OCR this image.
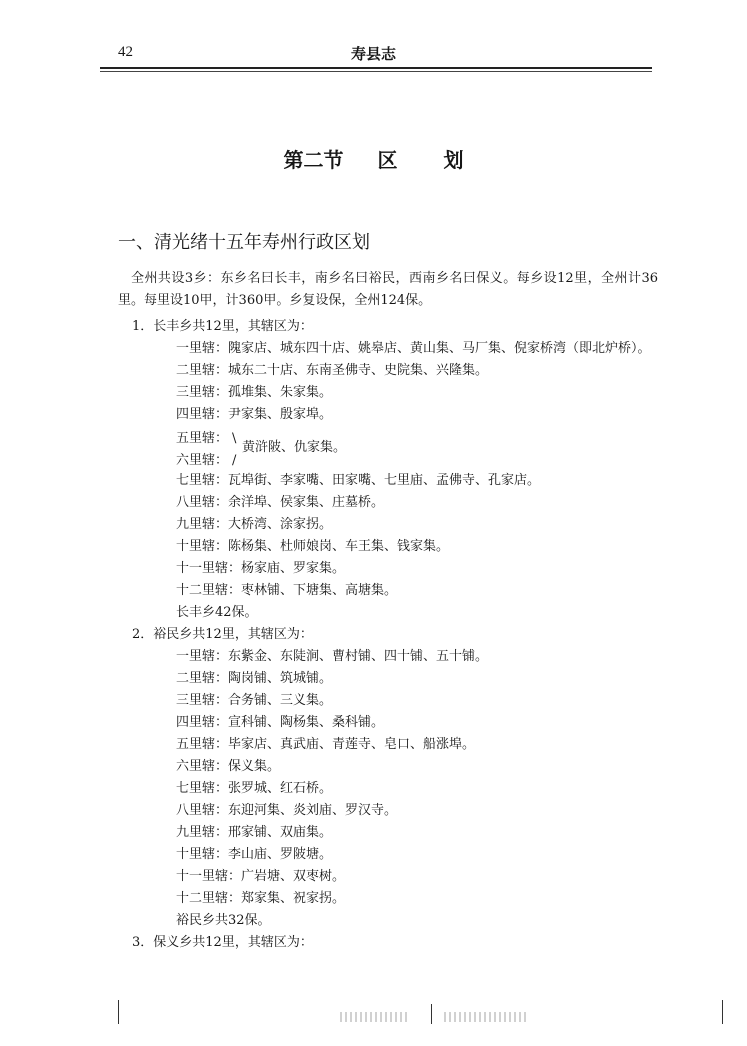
42	寿县志
第二节 区 划
一、清光绪十五年寿州行政区划

全州共设3乡：东乡名曰长丰，南乡名曰裕民，西南乡名曰保义。每乡设12里，全州计36里。每里设10甲，计360甲。乡复设保，全州124保。

1．长丰乡共12里，其辖区为：
一里辖：隗家店、城东四十店、姚皋店、黄山集、马厂集、倪家桥湾（即北炉桥）。
二里辖：城东二十店、东南圣佛寺、史院集、兴隆集。
三里辖：孤堆集、朱家集。
四里辖：尹家集、殷家埠。
五里辖： \
六里辖： /
黄浒陂、仇家集。
七里辖：瓦埠街、李家嘴、田家嘴、七里庙、孟佛寺、孔家店。
八里辖：余洋埠、侯家集、庄墓桥。
九里辖：大桥湾、涂家拐。
十里辖：陈杨集、杜师娘岗、车王集、钱家集。
十一里辖：杨家庙、罗家集。
十二里辖：枣林铺、下塘集、高塘集。
长丰乡42保。
2．裕民乡共12里，其辖区为：
一里辖：东紫金、东陡涧、曹村铺、四十铺、五十铺。
二里辖：陶岗铺、筑城铺。
三里辖：合务铺、三义集。
四里辖：宣科铺、陶杨集、桑科铺。
五里辖：毕家店、真武庙、青莲寺、皂口、船涨埠。
六里辖：保义集。
七里辖：张罗城、红石桥。
八里辖：东迎河集、炎刘庙、罗汉寺。
九里辖：邢家铺、双庙集。
十里辖：李山庙、罗陂塘。
十一里辖：广岩塘、双枣树。
十二里辖：郑家集、祝家拐。
裕民乡共32保。
3．保义乡共12里，其辖区为：
